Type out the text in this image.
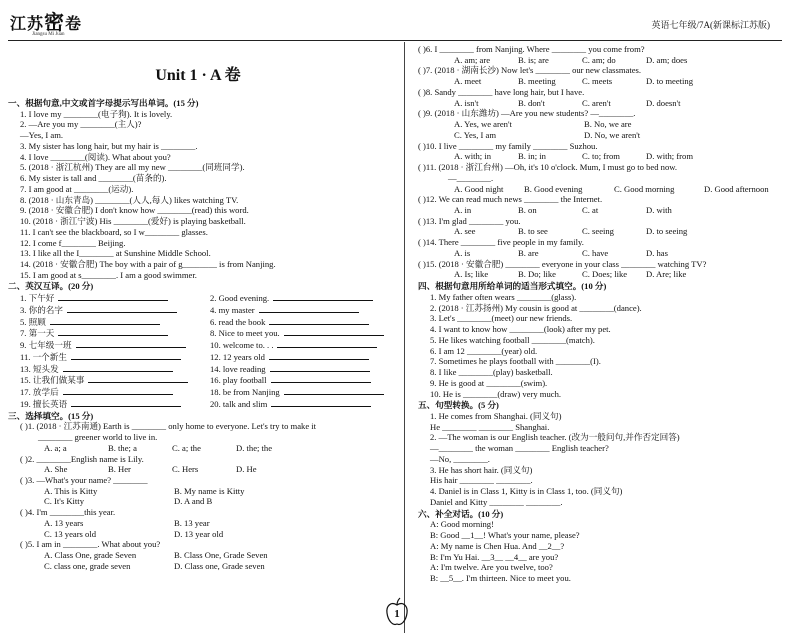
江苏密卷
Jiangsu Mi Juan
英语七年级/7A(新课标江苏版)
Unit 1 · A 卷
一、根据句意,中文或首字母提示写出单词。(15 分)
1. I love my ________(电子狗). It is lovely.
2. —Are you my ________(主人)?
—Yes, I am.
3. My sister has long hair, but my hair is ________.
4. I love ________(阅读). What about you?
5. (2018 · 浙江杭州) They are all my new ________(同班同学).
6. My sister is tall and ________(苗条的).
7. I am good at ________(运动).
8. (2018 · 山东青岛) ________(人人,每人) likes watching TV.
9. (2018 · 安徽合肥) I don't know how ________(read) this word.
10. (2018 · 浙江宁波) His ________(爱好) is playing basketball.
11. I can't see the blackboard, so I w________ glasses.
12. I come f________ Beijing.
13. I like all the I________ at Sunshine Middle School.
14. (2018 · 安徽合肥) The boy with a pair of g________ is from Nanjing.
15. I am good at s________. I am a good swimmer.
二、英汉互译。(20 分)
1. 下午好	2. Good evening.
3. 你的名字	4. my master
5. 照顾	6. read the book
7. 第一天	8. Nice to meet you.
9. 七年级一班	10. welcome to. . .
11. 一个新生	12. 12 years old
13. 短头发	14. love reading
15. 让我们做某事	16. play football
17. 放学后	18. be from Nanjing
19. 擅长英语	20. talk and slim
三、选择填空。(15 分)
( )1. (2018 · 江苏南通) Earth is ________ only home to everyone. Let's try to make it
________ greener world to live in.
A. a; a	B. the; a	C. a; the	D. the; the
( )2. ________English name is Lily.
A. She	B. Her	C. Hers	D. He
( )3. —What's your name? ________
A. This is Kitty	B. My name is Kitty
C. It's Kitty	D. A and B
( )4. I'm ________this year.
A. 13 years	B. 13 year
C. 13 years old	D. 13 year old
( )5. I am in ________. What about you?
A. Class One, grade Seven	B. Class One, Grade Seven
C. class one, grade seven	D. Class one, Grade seven
( )6. I ________ from Nanjing. Where ________ you come from?
A. am; are	B. is; are	C. am; do	D. am; does
( )7. (2018 · 湖南长沙) Now let's ________ our new classmates.
A. meet	B. meeting	C. meets	D. to meeting
( )8. Sandy ________ have long hair, but I have.
A. isn't	B. don't	C. aren't	D. doesn't
( )9. (2018 · 山东潍坊) —Are you new students? —________.
A. Yes, we aren't	B. No, we are
C. Yes, I am	D. No, we aren't
( )10. I live ________ my family ________ Suzhou.
A. with; in	B. in; in	C. to; from	D. with; from
( )11. (2018 · 浙江台州) —Oh, it's 10 o'clock. Mum, I must go to bed now.
—________.
A. Good night	B. Good evening	C. Good morning	D. Good afternoon
( )12. We can read much news ________ the Internet.
A. in	B. on	C. at	D. with
( )13. I'm glad ________ you.
A. see	B. to see	C. seeing	D. to seeing
( )14. There ________ five people in my family.
A. is	B. are	C. have	D. has
( )15. (2018 · 安徽合肥) ________ everyone in your class ________ watching TV?
A. Is; like	B. Do; like	C. Does; like	D. Are; like
四、根据句意用所给单词的适当形式填空。(10 分)
1. My father often wears ________(glass).
2. (2018 · 江苏扬州) My cousin is good at ________(dance).
3. Let's ________(meet) our new friends.
4. I want to know how ________(look) after my pet.
5. He likes watching football ________(match).
6. I am 12 ________(year) old.
7. Sometimes he plays football with ________(I).
8. I like ________(play) basketball.
9. He is good at ________(swim).
10. He is ________(draw) very much.
五、句型转换。(5 分)
1. He comes from Shanghai. (同义句)
He ________ ________ Shanghai.
2. —The woman is our English teacher. (改为一般问句,并作否定回答)
—________ the woman ________ English teacher?
—No, ________.
3. He has short hair. (同义句)
His hair ________ ________.
4. Daniel is in Class 1, Kitty is in Class 1, too. (同义句)
Daniel and Kitty ________ ________.
六、补全对话。(10 分)
A: Good morning!
B: Good __1__! What's your name, please?
A: My name is Chen Hua. And __2__?
B: I'm Yu Hai. __3__ __4__ are you?
A: I'm twelve. Are you twelve, too?
B: __5__. I'm thirteen. Nice to meet you.
1
